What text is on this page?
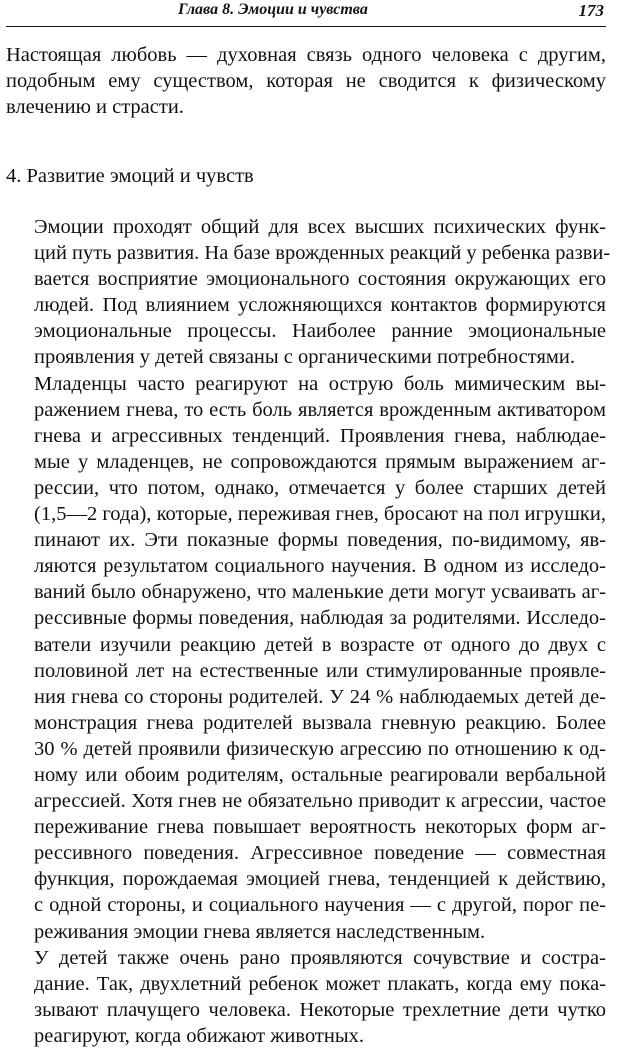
Глава 8. Эмоции и чувства	173

Настоящая любовь — духовная связь одного человека с другим,
подобным ему существом, которая не сводится к физическому
влечению и страсти.

4. Развитие эмоций и чувств

Эмоции проходят общий для всех высших психических функ-
ций путь развития. На базе врожденных реакций у ребенка разви-
вается восприятие эмоционального состояния окружающих его
людей. Под влиянием усложняющихся контактов формируются
эмоциональные процессы. Наиболее ранние эмоциональные
проявления у детей связаны с органическими потребностями.

Младенцы часто реагируют на острую боль мимическим вы-
ражением гнева, то есть боль является врожденным активатором
гнева и агрессивных тенденций. Проявления гнева, наблюдае-
мые у младенцев, не сопровождаются прямым выражением аг-
рессии, что потом, однако, отмечается у более старших детей
(1,5—2 года), которые, переживая гнев, бросают на пол игрушки,
пинают их. Эти показные формы поведения, по-видимому, яв-
ляются результатом социального научения. В одном из исследо-
ваний было обнаружено, что маленькие дети могут усваивать аг-
рессивные формы поведения, наблюдая за родителями. Исследо-
ватели изучили реакцию детей в возрасте от одного до двух с
половиной лет на естественные или стимулированные проявле-
ния гнева со стороны родителей. У 24 % наблюдаемых детей де-
монстрация гнева родителей вызвала гневную реакцию. Более
30 % детей проявили физическую агрессию по отношению к од-
ному или обоим родителям, остальные реагировали вербальной
агрессией. Хотя гнев не обязательно приводит к агрессии, частое
переживание гнева повышает вероятность некоторых форм аг-
рессивного поведения. Агрессивное поведение — совместная
функция, порождаемая эмоцией гнева, тенденцией к действию,
с одной стороны, и социального научения — с другой, порог пе-
реживания эмоции гнева является наследственным.

У детей также очень рано проявляются сочувствие и состра-
дание. Так, двухлетний ребенок может плакать, когда ему пока-
зывают плачущего человека. Некоторые трехлетние дети чутко
реагируют, когда обижают животных.
